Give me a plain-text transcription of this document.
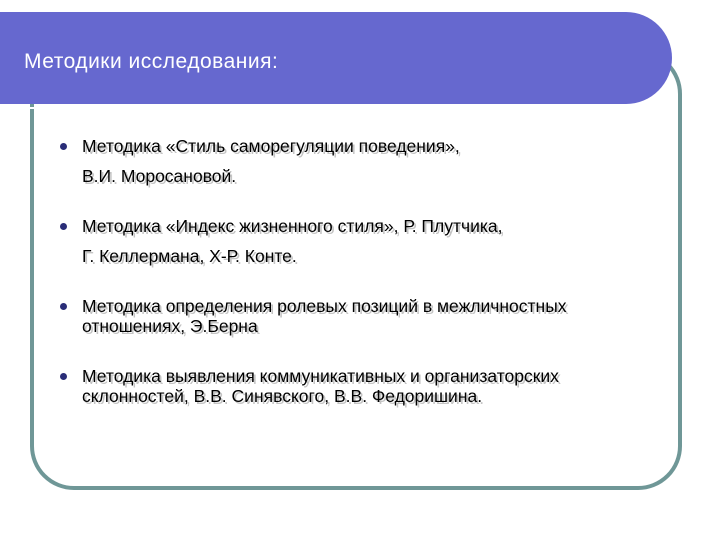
Методики исследования:
Методика «Стиль саморегуляции поведения»,
В.И. Моросановой.
Методика «Индекс жизненного стиля», Р. Плутчика,
Г. Келлермана, Х-Р. Конте.
Методика определения ролевых позиций в межличностных
отношениях, Э.Берна
Методика выявления коммуникативных и организаторских
склонностей, В.В. Синявского, В.В. Федоришина.
